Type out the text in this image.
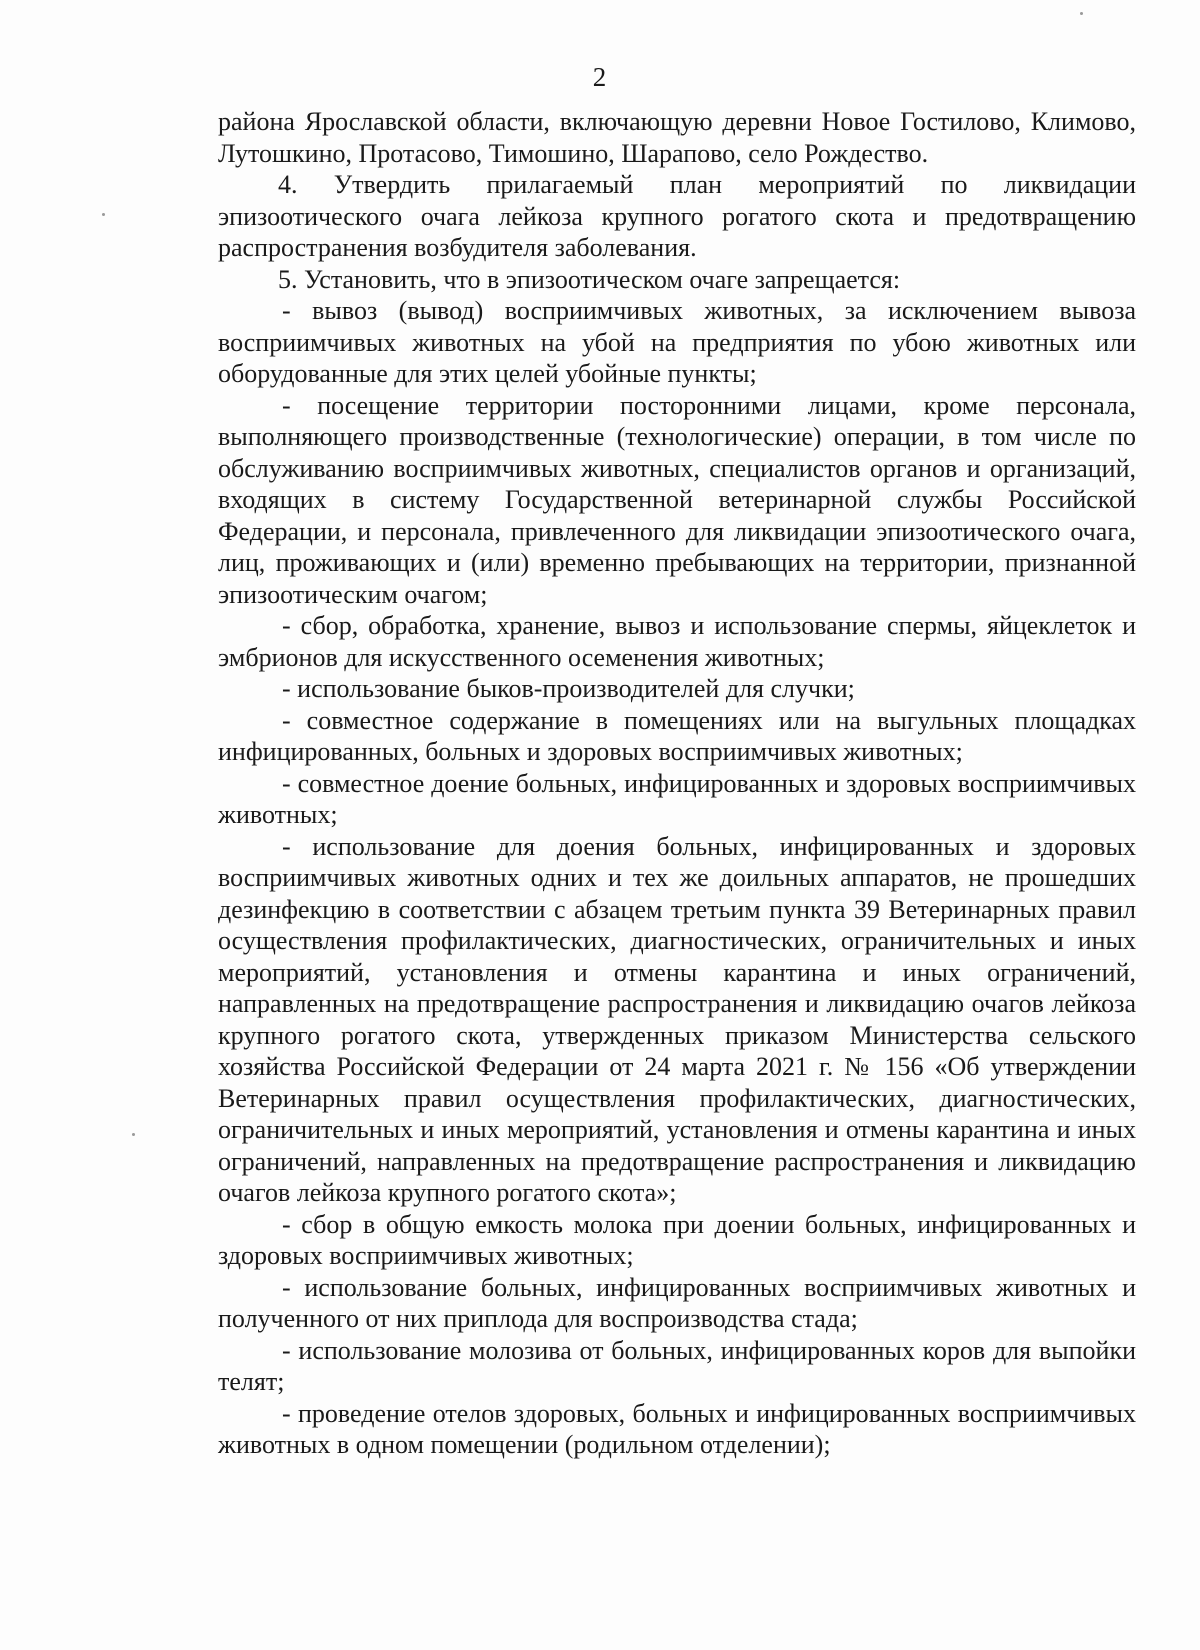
2

района Ярославской области, включающую деревни Новое Гостилово, Климово, Лутошкино, Протасово, Тимошино, Шарапово, село Рождество.

4. Утвердить прилагаемый план мероприятий по ликвидации эпизоотического очага лейкоза крупного рогатого скота и предотвращению распространения возбудителя заболевания.

5. Установить, что в эпизоотическом очаге запрещается:

- вывоз (вывод) восприимчивых животных, за исключением вывоза восприимчивых животных на убой на предприятия по убою животных или оборудованные для этих целей убойные пункты;

- посещение территории посторонними лицами, кроме персонала, выполняющего производственные (технологические) операции, в том числе по обслуживанию восприимчивых животных, специалистов органов и организаций, входящих в систему Государственной ветеринарной службы Российской Федерации, и персонала, привлеченного для ликвидации эпизоотического очага, лиц, проживающих и (или) временно пребывающих на территории, признанной эпизоотическим очагом;

- сбор, обработка, хранение, вывоз и использование спермы, яйцеклеток и эмбрионов для искусственного осеменения животных;

- использование быков-производителей для случки;

- совместное содержание в помещениях или на выгульных площадках инфицированных, больных и здоровых восприимчивых животных;

- совместное доение больных, инфицированных и здоровых восприимчивых животных;

- использование для доения больных, инфицированных и здоровых восприимчивых животных одних и тех же доильных аппаратов, не прошедших дезинфекцию в соответствии с абзацем третьим пункта 39 Ветеринарных правил осуществления профилактических, диагностических, ограничительных и иных мероприятий, установления и отмены карантина и иных ограничений, направленных на предотвращение распространения и ликвидацию очагов лейкоза крупного рогатого скота, утвержденных приказом Министерства сельского хозяйства Российской Федерации от 24 марта 2021 г. № 156 «Об утверждении Ветеринарных правил осуществления профилактических, диагностических, ограничительных и иных мероприятий, установления и отмены карантина и иных ограничений, направленных на предотвращение распространения и ликвидацию очагов лейкоза крупного рогатого скота»;

- сбор в общую емкость молока при доении больных, инфицированных и здоровых восприимчивых животных;

- использование больных, инфицированных восприимчивых животных и полученного от них приплода для воспроизводства стада;

- использование молозива от больных, инфицированных коров для выпойки телят;

- проведение отелов здоровых, больных и инфицированных восприимчивых животных в одном помещении (родильном отделении);
